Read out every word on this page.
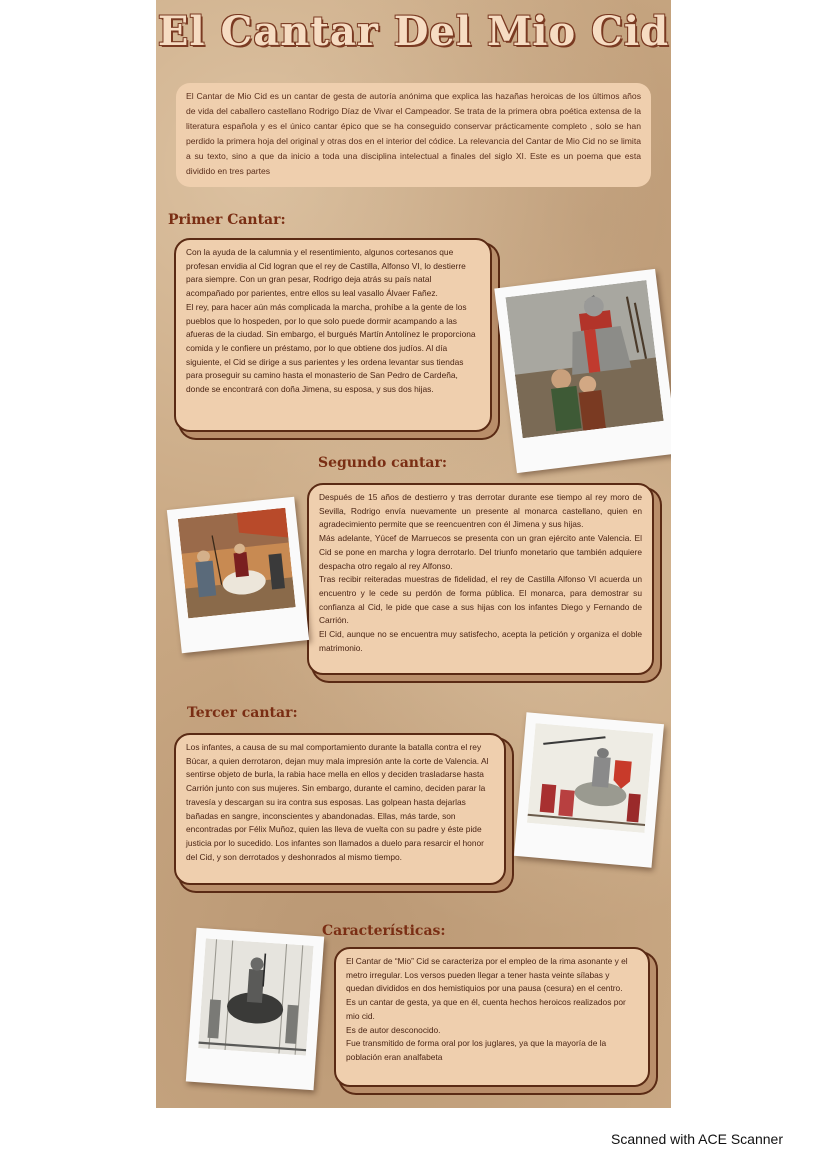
El Cantar Del Mio Cid
El Cantar de Mio Cid es un cantar de gesta de autoría anónima que explica las hazañas heroicas de los últimos años de vida del caballero castellano Rodrigo Díaz de Vivar el Campeador. Se trata de la primera obra poética extensa de la literatura española y es el único cantar épico que se ha conseguido conservar prácticamente completo , solo se han perdido la primera hoja del original y otras dos en el interior del códice. La relevancia del Cantar de Mio Cid no se limita a su texto, sino a que da inicio a toda una disciplina intelectual a finales del siglo XI. Este es un poema que esta dividido en tres partes
Primer Cantar:

Con la ayuda de la calumnia y el resentimiento, algunos cortesanos que profesan envidia al Cid logran que el rey de Castilla, Alfonso VI, lo destierre para siempre. Con un gran pesar, Rodrigo deja atrás su país natal acompañado por parientes, entre ellos su leal vasallo Álvaer Fañez.
El rey, para hacer aún más complicada la marcha, prohíbe a la gente de los pueblos que lo hospeden, por lo que solo puede dormir acampando a las afueras de la ciudad. Sin embargo, el burgués Martín Antolínez le proporciona comida y le confiere un préstamo, por lo que obtiene dos judíos. Al día siguiente, el Cid se dirige a sus parientes y les ordena levantar sus tiendas para proseguir su camino hasta el monasterio de San Pedro de Cardeña, donde se encontrará con doña Jimena, su esposa, y sus dos hijas.

Segundo cantar:

Después de 15 años de destierro y tras derrotar durante ese tiempo al rey moro de Sevilla, Rodrigo envía nuevamente un presente al monarca castellano, quien en agradecimiento permite que se reencuentren con él Jimena y sus hijas.
Más adelante, Yúcef de Marruecos se presenta con un gran ejército ante Valencia. El Cid se pone en marcha y logra derrotarlo. Del triunfo monetario que también adquiere despacha otro regalo al rey Alfonso.
Tras recibir reiteradas muestras de fidelidad, el rey de Castilla Alfonso VI acuerda un encuentro y le cede su perdón de forma pública. El monarca, para demostrar su confianza al Cid, le pide que case a sus hijas con los infantes Diego y Fernando de Carrión.
El Cid, aunque no se encuentra muy satisfecho, acepta la petición y organiza el doble matrimonio.

Tercer cantar:

Los infantes, a causa de su mal comportamiento durante la batalla contra el rey Búcar, a quien derrotaron, dejan muy mala impresión ante la corte de Valencia. Al sentirse objeto de burla, la rabia hace mella en ellos y deciden trasladarse hasta Carrión junto con sus mujeres. Sin embargo, durante el camino, deciden parar la travesía y descargan su ira contra sus esposas. Las golpean hasta dejarlas bañadas en sangre, inconscientes y abandonadas. Ellas, más tarde, son encontradas por Félix Muñoz, quien las lleva de vuelta con su padre y éste pide justicia por lo sucedido. Los infantes son llamados a duelo para resarcir el honor del Cid, y son derrotados y deshonrados al mismo tiempo.

Características:

El Cantar de “Mio” Cid se caracteriza por el empleo de la rima asonante y el metro irregular. Los versos pueden llegar a tener hasta veinte sílabas y quedan divididos en dos hemistiquios por una pausa (cesura) en el centro.
Es un cantar de gesta, ya que en él, cuenta hechos heroicos realizados por mio cid.
Es de autor desconocido.
Fue transmitido de forma oral por los juglares, ya que la mayoría de la población eran analfabeta

Scanned with ACE Scanner
